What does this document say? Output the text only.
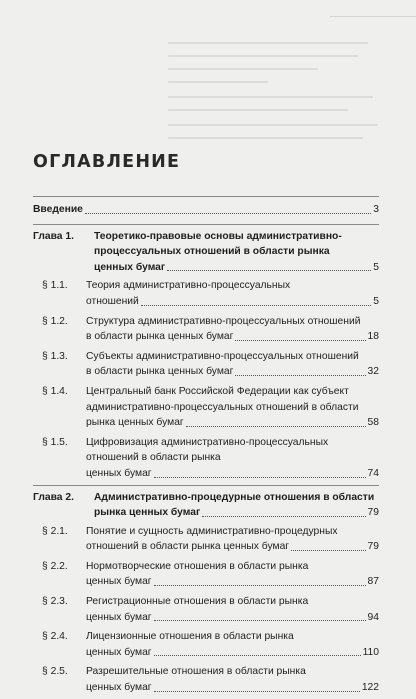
ОГЛАВЛЕНИЕ
Введение	3
Глава 1.	Теоретико-правовые основы административно-
процессуальных отношений в области рынка
ценных бумаг	5
§ 1.1.	Теория административно-процессуальных
отношений	5
§ 1.2.	Структура административно-процессуальных отношений
в области рынка ценных бумаг	18
§ 1.3.	Субъекты административно-процессуальных отношений
в области рынка ценных бумаг	32
§ 1.4.	Центральный банк Российской Федерации как субъект
административно-процессуальных отношений в области
рынка ценных бумаг	58
§ 1.5.	Цифровизация административно-процессуальных
отношений в области рынка
ценных бумаг	74
Глава 2.	Административно-процедурные отношения в области
рынка ценных бумаг	79
§ 2.1.	Понятие и сущность административно-процедурных
отношений в области рынка ценных бумаг	79
§ 2.2.	Нормотворческие отношения в области рынка
ценных бумаг	87
§ 2.3.	Регистрационные отношения в области рынка
ценных бумаг	94
§ 2.4.	Лицензионные отношения в области рынка
ценных бумаг	110
§ 2.5.	Разрешительные отношения в области рынка
ценных бумаг	122
